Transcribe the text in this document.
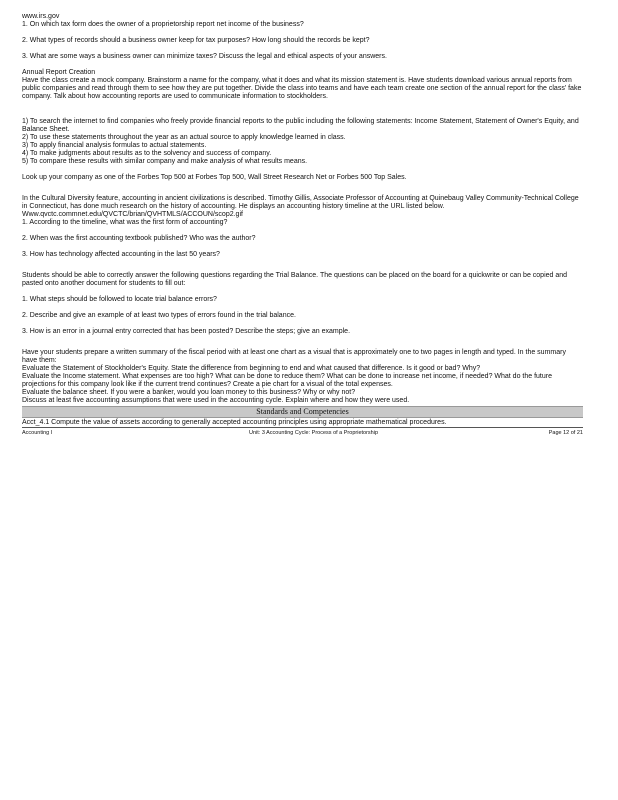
www.irs.gov

1. On which tax form does the owner of a proprietorship report net income of the business?

2. What types of records should a business owner keep for tax purposes? How long should the records be kept?

3. What are some ways a business owner can minimize taxes? Discuss the legal and ethical aspects of your answers.

Annual Report Creation

Have the class create a mock company. Brainstorm a name for the company, what it does and what its mission statement is. Have students download various annual reports from public companies and read through them to see how they are put together. Divide the class into teams and have each team create one section of the annual report for the class' fake company. Talk about how accounting reports are used to communicate information to stockholders.

1) To search the internet to find companies who freely provide financial reports to the public including the following statements: Income Statement, Statement of Owner's Equity, and Balance Sheet.

2) To use these statements throughout the year as an actual source to apply knowledge learned in class.

3) To apply financial analysis formulas to actual statements.

4) To make judgments about results as to the solvency and success of company.

5) To compare these results with similar company and make analysis of what results means.

Look up your company as one of the Forbes Top 500 at Forbes Top 500, Wall Street Research Net or Forbes 500 Top Sales.

In the Cultural Diversity feature, accounting in ancient civilizations is described. Timothy Gillis, Associate Professor of Accounting at Quinebaug Valley Community-Technical College in Connecticut, has done much research on the history of accounting. He displays an accounting history timeline at the URL listed below.

Www.qvctc.commnet.edu/QVCTC/brian/QVHTMLS/ACCOUN/scop2.gif

1. According to the timeline, what was the first form of accounting?

2. When was the first accounting textbook published? Who was the author?

3. How has technology affected accounting in the last 50 years?

Students should be able to correctly answer the following questions regarding the Trial Balance. The questions can be placed on the board for a quickwrite or can be copied and pasted onto another document for students to fill out:

1. What steps should be followed to locate trial balance errors?

2. Describe and give an example of at least two types of errors found in the trial balance.

3. How is an error in a journal entry corrected that has been posted? Describe the steps; give an example.

Have your students prepare a written summary of the fiscal period with at least one chart as a visual that is approximately one to two pages in length and typed. In the summary have them:

Evaluate the Statement of Stockholder's Equity. State the difference from beginning to end and what caused that difference. Is it good or bad? Why?

Evaluate the Income statement. What expenses are too high? What can be done to reduce them? What can be done to increase net income, if needed? What do the future projections for this company look like if the current trend continues? Create a pie chart for a visual of the total expenses.

Evaluate the balance sheet. If you were a banker, would you loan money to this business? Why or why not?

Discuss at least five accounting assumptions that were used in the accounting cycle. Explain where and how they were used.

Standards and Competencies
Acct_4.1 Compute the value of assets according to generally accepted accounting principles using appropriate mathematical procedures.
Accounting I	Unit: 3 Accounting Cycle: Process of a Proprietorship	Page 12 of 21
